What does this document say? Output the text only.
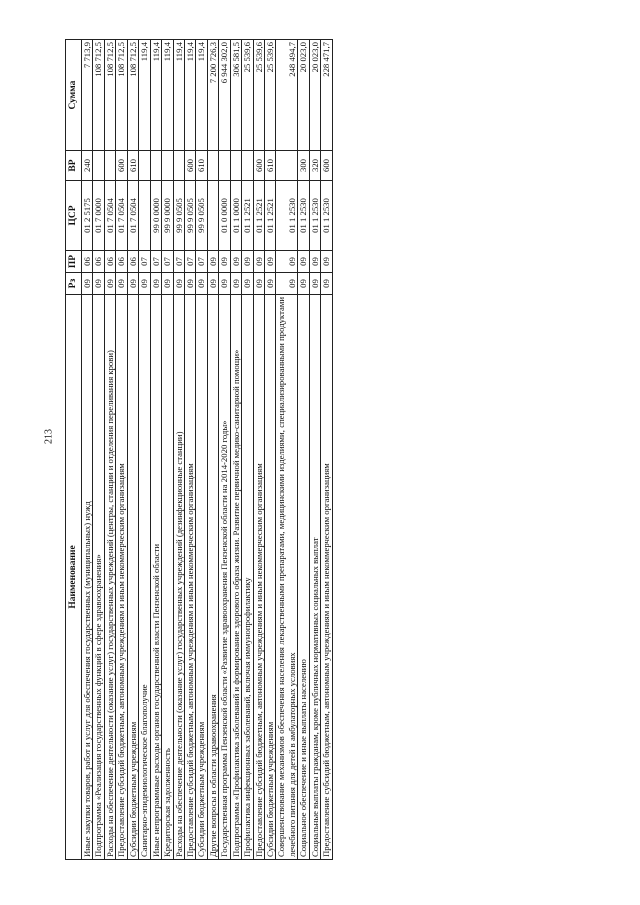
213
Наименование	Рз	ПР	ЦСР	ВР	Сумма
Иные закупки товаров, работ и услуг для обеспечения государственных (муниципальных) нужд	09	06	01 2 5175	240	7 713,9
Подпрограмма «Реализация государственных функций в сфере здравоохранения»	09	06	01 7 0000		108 712,5
Расходы на обеспечение деятельности (оказание услуг) государственных учреждений (центры, станции и отделения переливания крови)	09	06	01 7 0504		108 712,5
Предоставление субсидий бюджетным, автономным учреждениям и иным некоммерческим организациям	09	06	01 7 0504	600	108 712,5
Субсидии бюджетным учреждениям	09	06	01 7 0504	610	108 712,5
Санитарно-эпидемиологическое благополучие	09	07			119,4
Иные непрограммные расходы органов государственной власти Пензенской области	09	07	99 0 0000		119,4
Кредиторская задолженность	09	07	99 9 0000		119,4
Расходы на обеспечение деятельности (оказание услуг) государственных учреждений (дезинфекционные станции)	09	07	99 9 0505		119,4
Предоставление субсидий бюджетным, автономным учреждениям и иным некоммерческим организациям	09	07	99 9 0505	600	119,4
Субсидии бюджетным учреждениям	09	07	99 9 0505	610	119,4
Другие вопросы в области здравоохранения	09	09			7 200 726,3
Государственная программа Пензенской области «Развитие здравоохранения Пензенской области на 2014-2020 годы»	09	09	01 0 0000		6 944 302,0
Подпрограмма «Профилактика заболеваний и формирование здорового образа жизни. Развитие первичной медико-санитарной помощи»	09	09	01 1 0000		306 581,5
Профилактика инфекционных заболеваний, включая иммунопрофилактику	09	09	01 1 2521		25 539,6
Предоставление субсидий бюджетным, автономным учреждениям и иным некоммерческим организациям	09	09	01 1 2521	600	25 539,6
Субсидии бюджетным учреждениям	09	09	01 1 2521	610	25 539,6
Совершенствование механизмов обеспечения населения лекарственными препаратами, медицинскими изделиями, специализированными продуктами лечебного питания для детей в амбулаторных условиях	09	09	01 1 2530		248 494,7
Социальное обеспечение и иные выплаты населению	09	09	01 1 2530	300	20 023,0
Социальные выплаты гражданам, кроме публичных нормативных социальных выплат	09	09	01 1 2530	320	20 023,0
Предоставление субсидий бюджетным, автономным учреждениям и иным некоммерческим организациям	09	09	01 1 2530	600	228 471,7
